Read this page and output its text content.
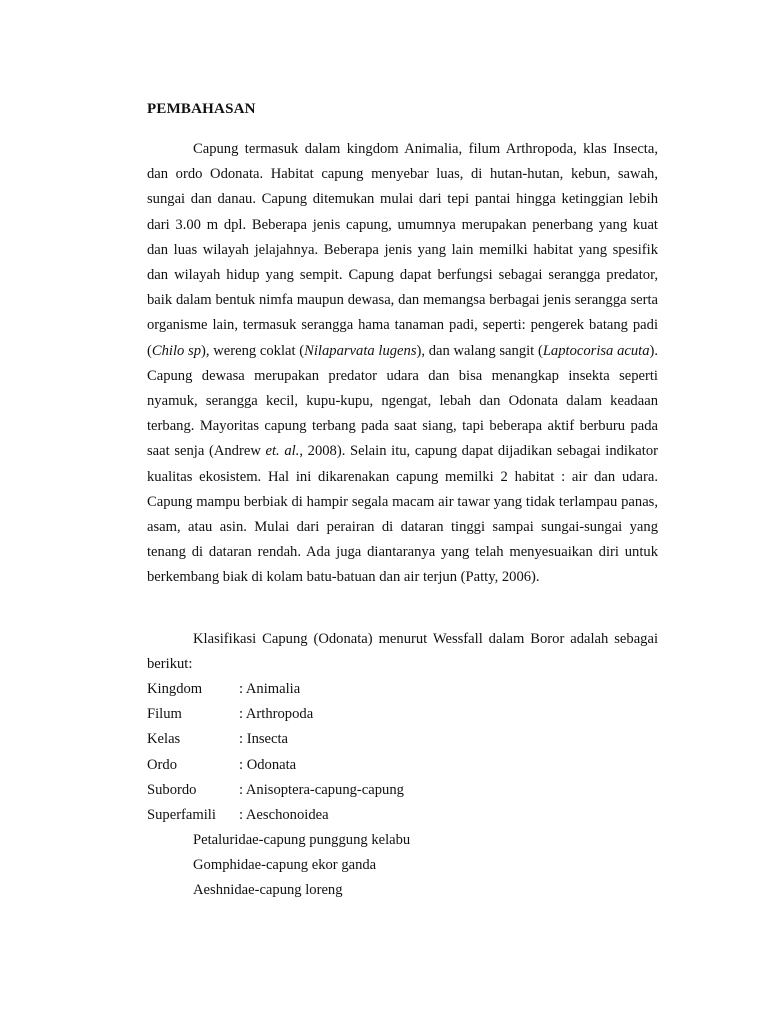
PEMBAHASAN

Capung termasuk dalam kingdom Animalia, filum Arthropoda, klas Insecta, dan ordo Odonata. Habitat capung menyebar luas, di hutan-hutan, kebun, sawah, sungai dan danau. Capung ditemukan mulai dari tepi pantai hingga ketinggian lebih dari 3.00 m dpl. Beberapa jenis capung, umumnya merupakan penerbang yang kuat dan luas wilayah jelajahnya. Beberapa jenis yang lain memilki habitat yang spesifik dan wilayah hidup yang sempit. Capung dapat berfungsi sebagai serangga predator, baik dalam bentuk nimfa maupun dewasa, dan memangsa berbagai jenis serangga serta organisme lain, termasuk serangga hama tanaman padi, seperti: pengerek batang padi (Chilo sp), wereng coklat (Nilaparvata lugens), dan walang sangit (Laptocorisa acuta). Capung dewasa merupakan predator udara dan bisa menangkap insekta seperti nyamuk, serangga kecil, kupu-kupu, ngengat, lebah dan Odonata dalam keadaan terbang. Mayoritas capung terbang pada saat siang, tapi beberapa aktif berburu pada saat senja (Andrew et. al., 2008). Selain itu, capung dapat dijadikan sebagai indikator kualitas ekosistem. Hal ini dikarenakan capung memilki 2 habitat : air dan udara. Capung mampu berbiak di hampir segala macam air tawar yang tidak terlampau panas, asam, atau asin. Mulai dari perairan di dataran tinggi sampai sungai-sungai yang tenang di dataran rendah. Ada juga diantaranya yang telah menyesuaikan diri untuk berkembang biak di kolam batu-batuan dan air terjun (Patty, 2006).

Klasifikasi Capung (Odonata) menurut Wessfall dalam Boror adalah sebagai berikut:

Kingdom	: Animalia
Filum	: Arthropoda
Kelas	: Insecta
Ordo	: Odonata
Subordo	: Anisoptera-capung-capung
Superfamili	: Aeschonoidea
Petaluridae-capung punggung kelabu
Gomphidae-capung ekor ganda
Aeshnidae-capung loreng
